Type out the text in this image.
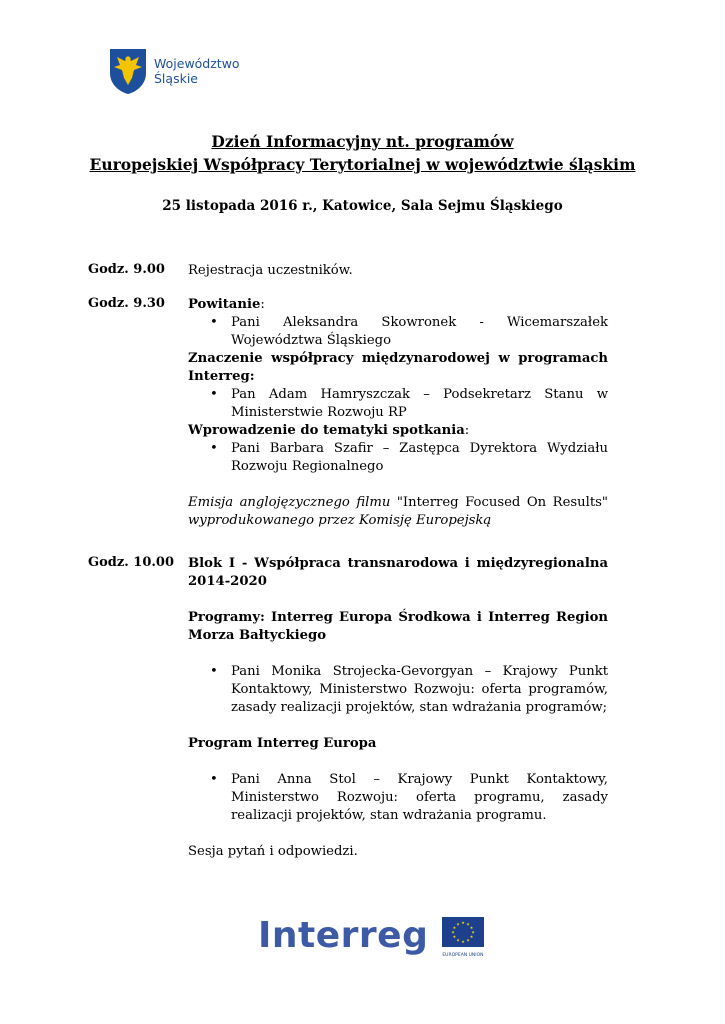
Województwo
Śląskie
Dzień Informacyjny nt. programów
Europejskiej Współpracy Terytorialnej w województwie śląskim
25 listopada 2016 r., Katowice, Sala Sejmu Śląskiego
Godz. 9.00 Rejestracja uczestników.

Godz. 9.30 Powitanie:

• Pani Aleksandra Skowronek - Wicemarszałek Województwa Śląskiego

Znaczenie współpracy międzynarodowej w programach Interreg:

• Pan Adam Hamryszczak – Podsekretarz Stanu w Ministerstwie Rozwoju RP

Wprowadzenie do tematyki spotkania:

• Pani Barbara Szafir – Zastępca Dyrektora Wydziału Rozwoju Regionalnego

Emisja anglojęzycznego filmu "Interreg Focused On Results" wyprodukowanego przez Komisję Europejską

Godz. 10.00 Blok I - Współpraca transnarodowa i międzyregionalna 2014-2020

Programy: Interreg Europa Środkowa i Interreg Region Morza Bałtyckiego

• Pani Monika Strojecka-Gevorgyan – Krajowy Punkt Kontaktowy, Ministerstwo Rozwoju: oferta programów, zasady realizacji projektów, stan wdrażania programów;

Program Interreg Europa

• Pani Anna Stol – Krajowy Punkt Kontaktowy, Ministerstwo Rozwoju: oferta programu, zasady realizacji projektów, stan wdrażania programu.

Sesja pytań i odpowiedzi.

Interreg	★ ★
★
★
★
★
★
★
★
★
★
★
EUROPEAN UNION
